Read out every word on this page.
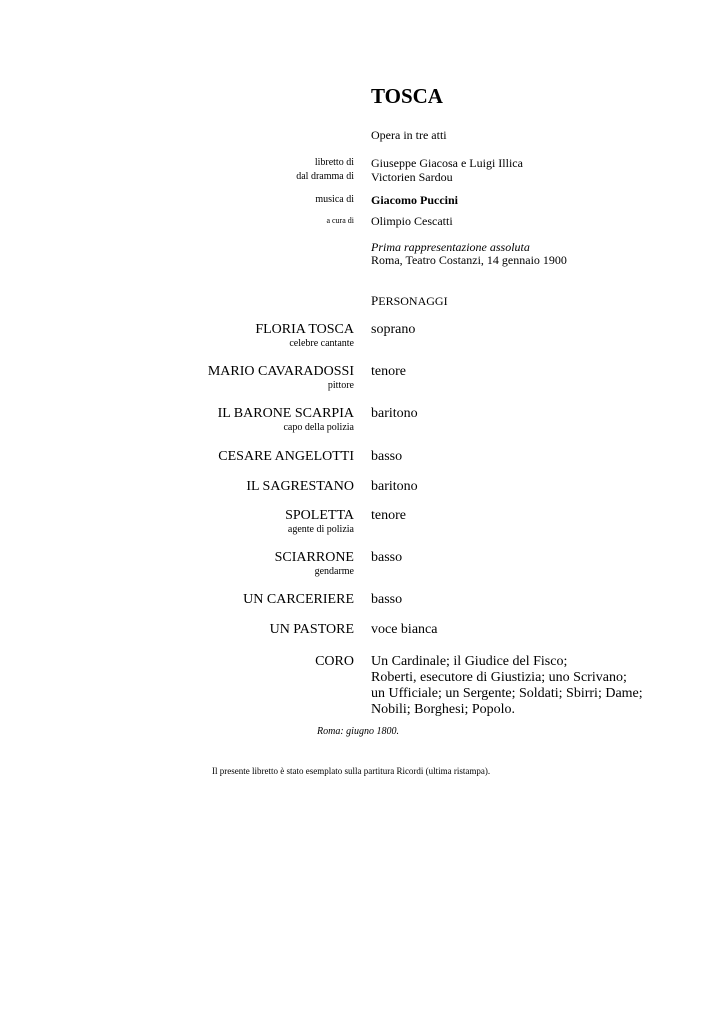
TOSCA
Opera in tre atti
libretto di Giuseppe Giacosa e Luigi Illica
dal dramma di Victorien Sardou
musica di Giacomo Puccini
a cura di Olimpio Cescatti
Prima rappresentazione assoluta
Roma, Teatro Costanzi, 14 gennaio 1900
PERSONAGGI
FLORIA TOSCA
celebre cantante
soprano
MARIO CAVARADOSSI
pittore
tenore
IL BARONE SCARPIA
capo della polizia
baritono
CESARE ANGELOTTI basso
IL SAGRESTANO baritono
SPOLETTA
agente di polizia
tenore
SCIARRONE
gendarme
basso
UN CARCERIERE basso
UN PASTORE voce bianca
CORO Un Cardinale; il Giudice del Fisco;
Roberti, esecutore di Giustizia; uno Scrivano;
un Ufficiale; un Sergente; Soldati; Sbirri; Dame;
Nobili; Borghesi; Popolo.
Roma: giugno 1800.
Il presente libretto è stato esemplato sulla partitura Ricordi (ultima ristampa).
